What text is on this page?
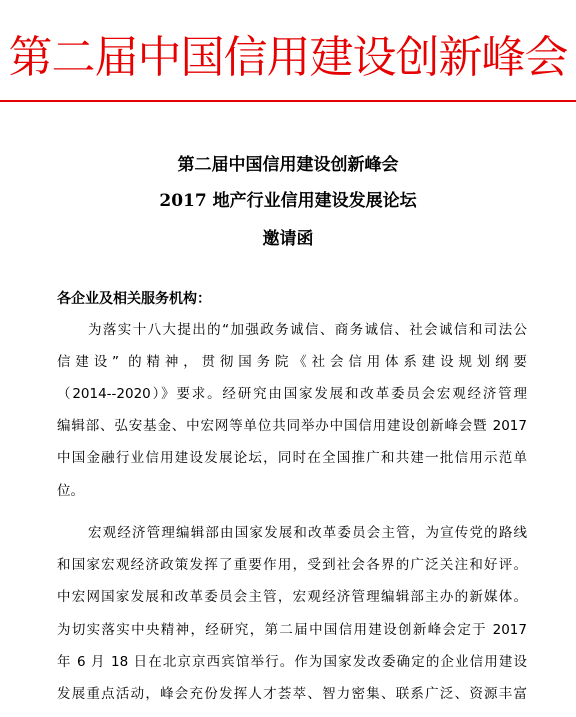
第二届中国信用建设创新峰会
第二届中国信用建设创新峰会
2017 地产行业信用建设发展论坛
邀请函
各企业及相关服务机构：
为落实十八大提出的“加强政务诚信、商务诚信、社会诚信和司法公
信建设” 的精神，贯彻国务院《社会信用体系建设规划纲要
（2014--2020）》要求。经研究由国家发展和改革委员会宏观经济管理
编辑部、弘安基金、中宏网等单位共同举办中国信用建设创新峰会暨 2017
中国金融行业信用建设发展论坛，同时在全国推广和共建一批信用示范单
位。
宏观经济管理编辑部由国家发展和改革委员会主管，为宣传党的路线
和国家宏观经济政策发挥了重要作用，受到社会各界的广泛关注和好评。
中宏网国家发展和改革委员会主管，宏观经济管理编辑部主办的新媒体。
为切实落实中央精神，经研究，第二届中国信用建设创新峰会定于 2017
年 6 月 18 日在北京京西宾馆举行。作为国家发改委确定的企业信用建设
发展重点活动，峰会充份发挥人才荟萃、智力密集、联系广泛、资源丰富
